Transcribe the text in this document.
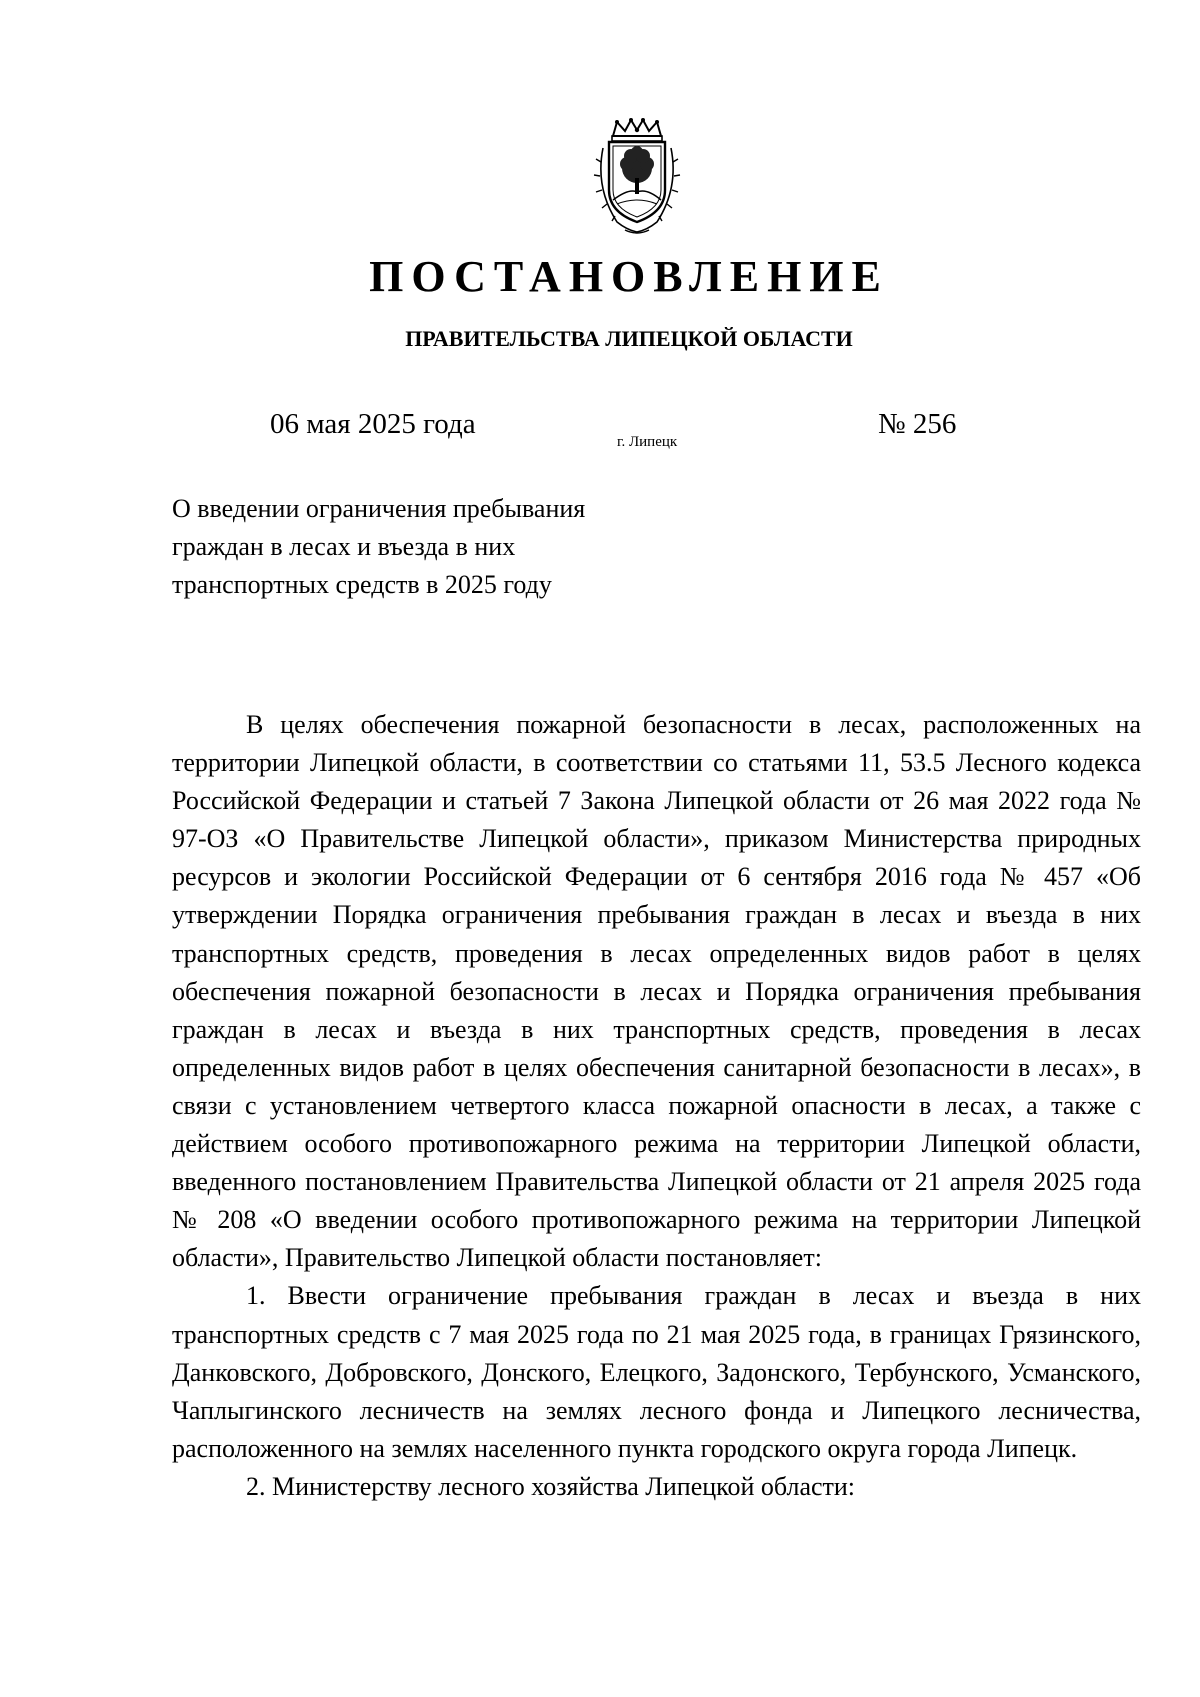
ПОСТАНОВЛЕНИЕ
ПРАВИТЕЛЬСТВА ЛИПЕЦКОЙ ОБЛАСТИ
06 мая 2025 года
г. Липецк
№ 256
О введении ограничения пребывания
граждан в лесах и въезда в них
транспортных средств в 2025 году

В целях обеспечения пожарной безопасности в лесах, расположенных на территории Липецкой области, в соответствии со статьями 11, 53.5 Лесного кодекса Российской Федерации и статьей 7 Закона Липецкой области от 26 мая 2022 года № 97-ОЗ «О Правительстве Липецкой области», приказом Министерства природных ресурсов и экологии Российской Федерации от 6 сентября 2016 года № 457 «Об утверждении Порядка ограничения пребывания граждан в лесах и въезда в них транспортных средств, проведения в лесах определенных видов работ в целях обеспечения пожарной безопасности в лесах и Порядка ограничения пребывания граждан в лесах и въезда в них транспортных средств, проведения в лесах определенных видов работ в целях обеспечения санитарной безопасности в лесах», в связи с установлением четвертого класса пожарной опасности в лесах, а также с действием особого противопожарного режима на территории Липецкой области, введенного постановлением Правительства Липецкой области от 21 апреля 2025 года № 208 «О введении особого противопожарного режима на территории Липецкой области», Правительство Липецкой области постановляет:

1. Ввести ограничение пребывания граждан в лесах и въезда в них транспортных средств с 7 мая 2025 года по 21 мая 2025 года, в границах Грязинского, Данковского, Добровского, Донского, Елецкого, Задонского, Тербунского, Усманского, Чаплыгинского лесничеств на землях лесного фонда и Липецкого лесничества, расположенного на землях населенного пункта городского округа города Липецк.

2. Министерству лесного хозяйства Липецкой области:
